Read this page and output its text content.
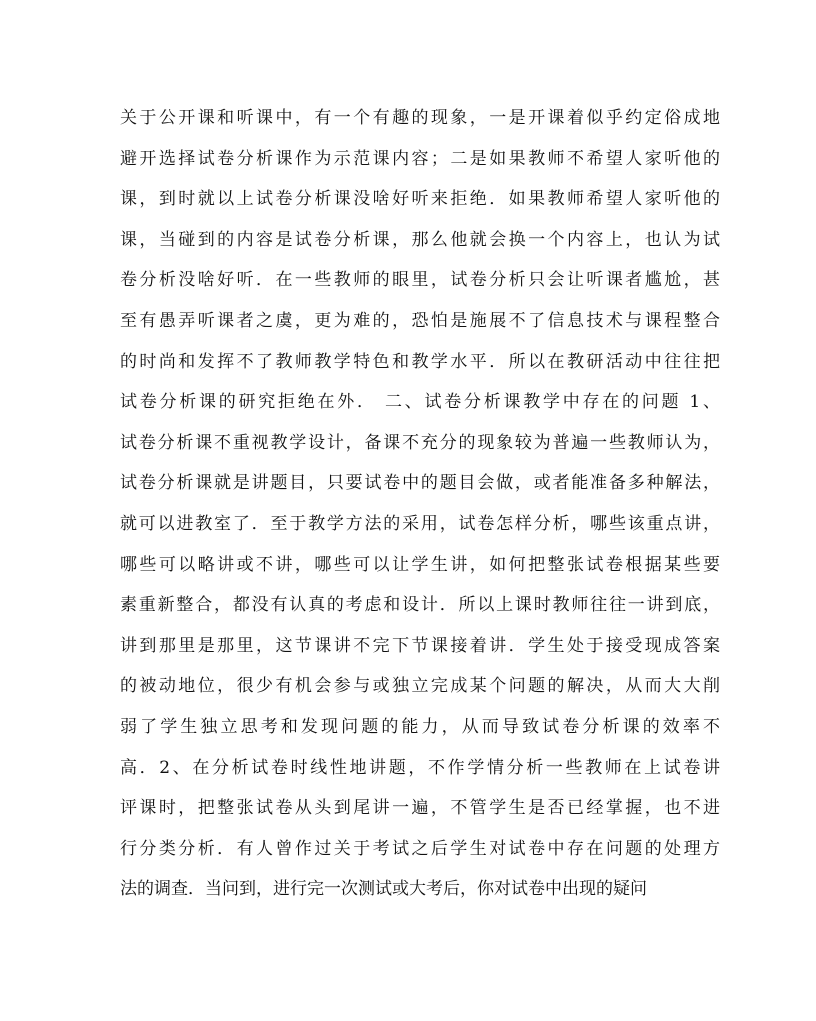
关于公开课和听课中，有一个有趣的现象，一是开课着似乎约定俗成地
避开选择试卷分析课作为示范课内容；二是如果教师不希望人家听他的
课，到时就以上试卷分析课没啥好听来拒绝．如果教师希望人家听他的
课，当碰到的内容是试卷分析课，那么他就会换一个内容上，也认为试
卷分析没啥好听．在一些教师的眼里，试卷分析只会让听课者尴尬，甚
至有愚弄听课者之虞，更为难的，恐怕是施展不了信息技术与课程整合
的时尚和发挥不了教师教学特色和教学水平．所以在教研活动中往往把
试卷分析课的研究拒绝在外． 二、试卷分析课教学中存在的问题 1、
试卷分析课不重视教学设计，备课不充分的现象较为普遍一些教师认为，
试卷分析课就是讲题目，只要试卷中的题目会做，或者能准备多种解法，
就可以进教室了．至于教学方法的采用，试卷怎样分析，哪些该重点讲，
哪些可以略讲或不讲，哪些可以让学生讲，如何把整张试卷根据某些要
素重新整合，都没有认真的考虑和设计．所以上课时教师往往一讲到底，
讲到那里是那里，这节课讲不完下节课接着讲．学生处于接受现成答案
的被动地位，很少有机会参与或独立完成某个问题的解决，从而大大削
弱了学生独立思考和发现问题的能力，从而导致试卷分析课的效率不
高．2、在分析试卷时线性地讲题，不作学情分析一些教师在上试卷讲
评课时，把整张试卷从头到尾讲一遍，不管学生是否已经掌握，也不进
行分类分析．有人曾作过关于考试之后学生对试卷中存在问题的处理方
法的调查．当问到，进行完一次测试或大考后，你对试卷中出现的疑问
